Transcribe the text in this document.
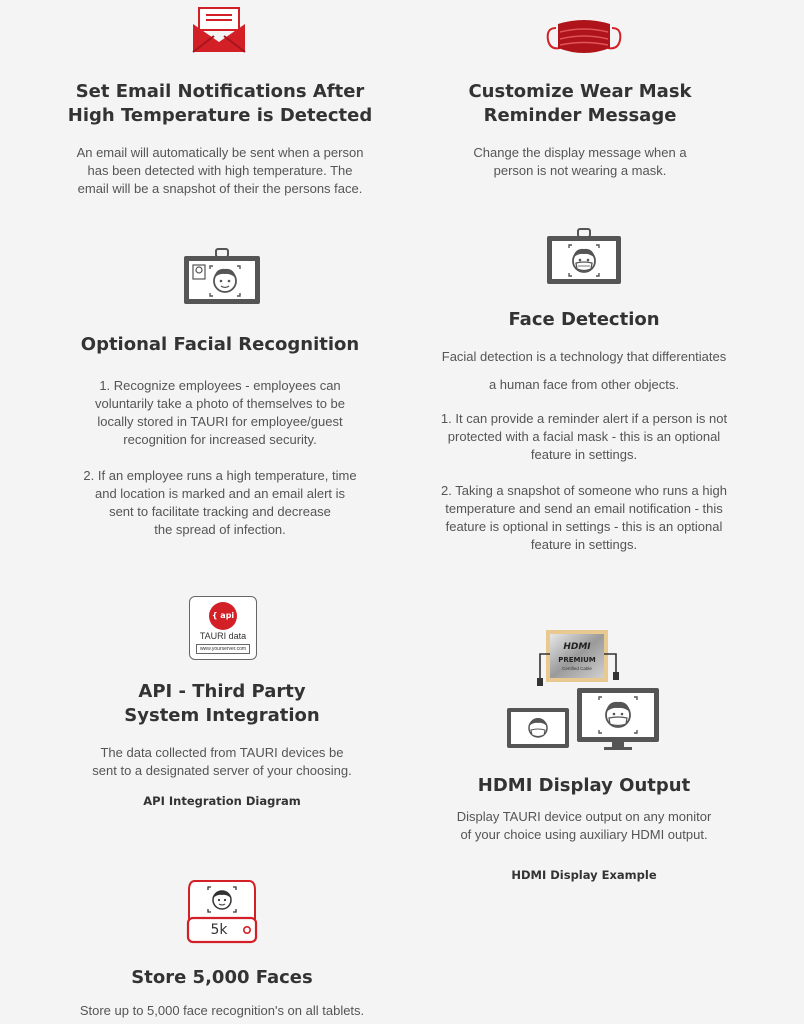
Set Email Notifications After
High Temperature is Detected

An email will automatically be sent when a person
has been detected with high temperature. The
email will be a snapshot of their the persons face.

Customize Wear Mask
Reminder Message

Change the display message when a
person is not wearing a mask.

Optional Facial Recognition

1. Recognize employees - employees can
voluntarily take a photo of themselves to be
locally stored in TAURI for employee/guest
recognition for increased security.

2. If an employee runs a high temperature, time
and location is marked and an email alert is
sent to facilitate tracking and decrease
the spread of infection.

Face Detection

Facial detection is a technology that differentiates

a human face from other objects.

1. It can provide a reminder alert if a person is not
protected with a facial mask - this is an optional
feature in settings.

2. Taking a snapshot of someone who runs a high
temperature and send an email notification - this
feature is optional in settings - this is an optional
feature in settings.

{ api }
TAURI data
www.yourserver.com

API - Third Party
System Integration

The data collected from TAURI devices be
sent to a designated server of your choosing.

API Integration Diagram

HDMI
PREMIUM
Certified Cable

HDMI Display Output

Display TAURI device output on any monitor
of your choice using auxiliary HDMI output.

HDMI Display Example

5k

Store 5,000 Faces

Store up to 5,000 face recognition's on all tablets.
